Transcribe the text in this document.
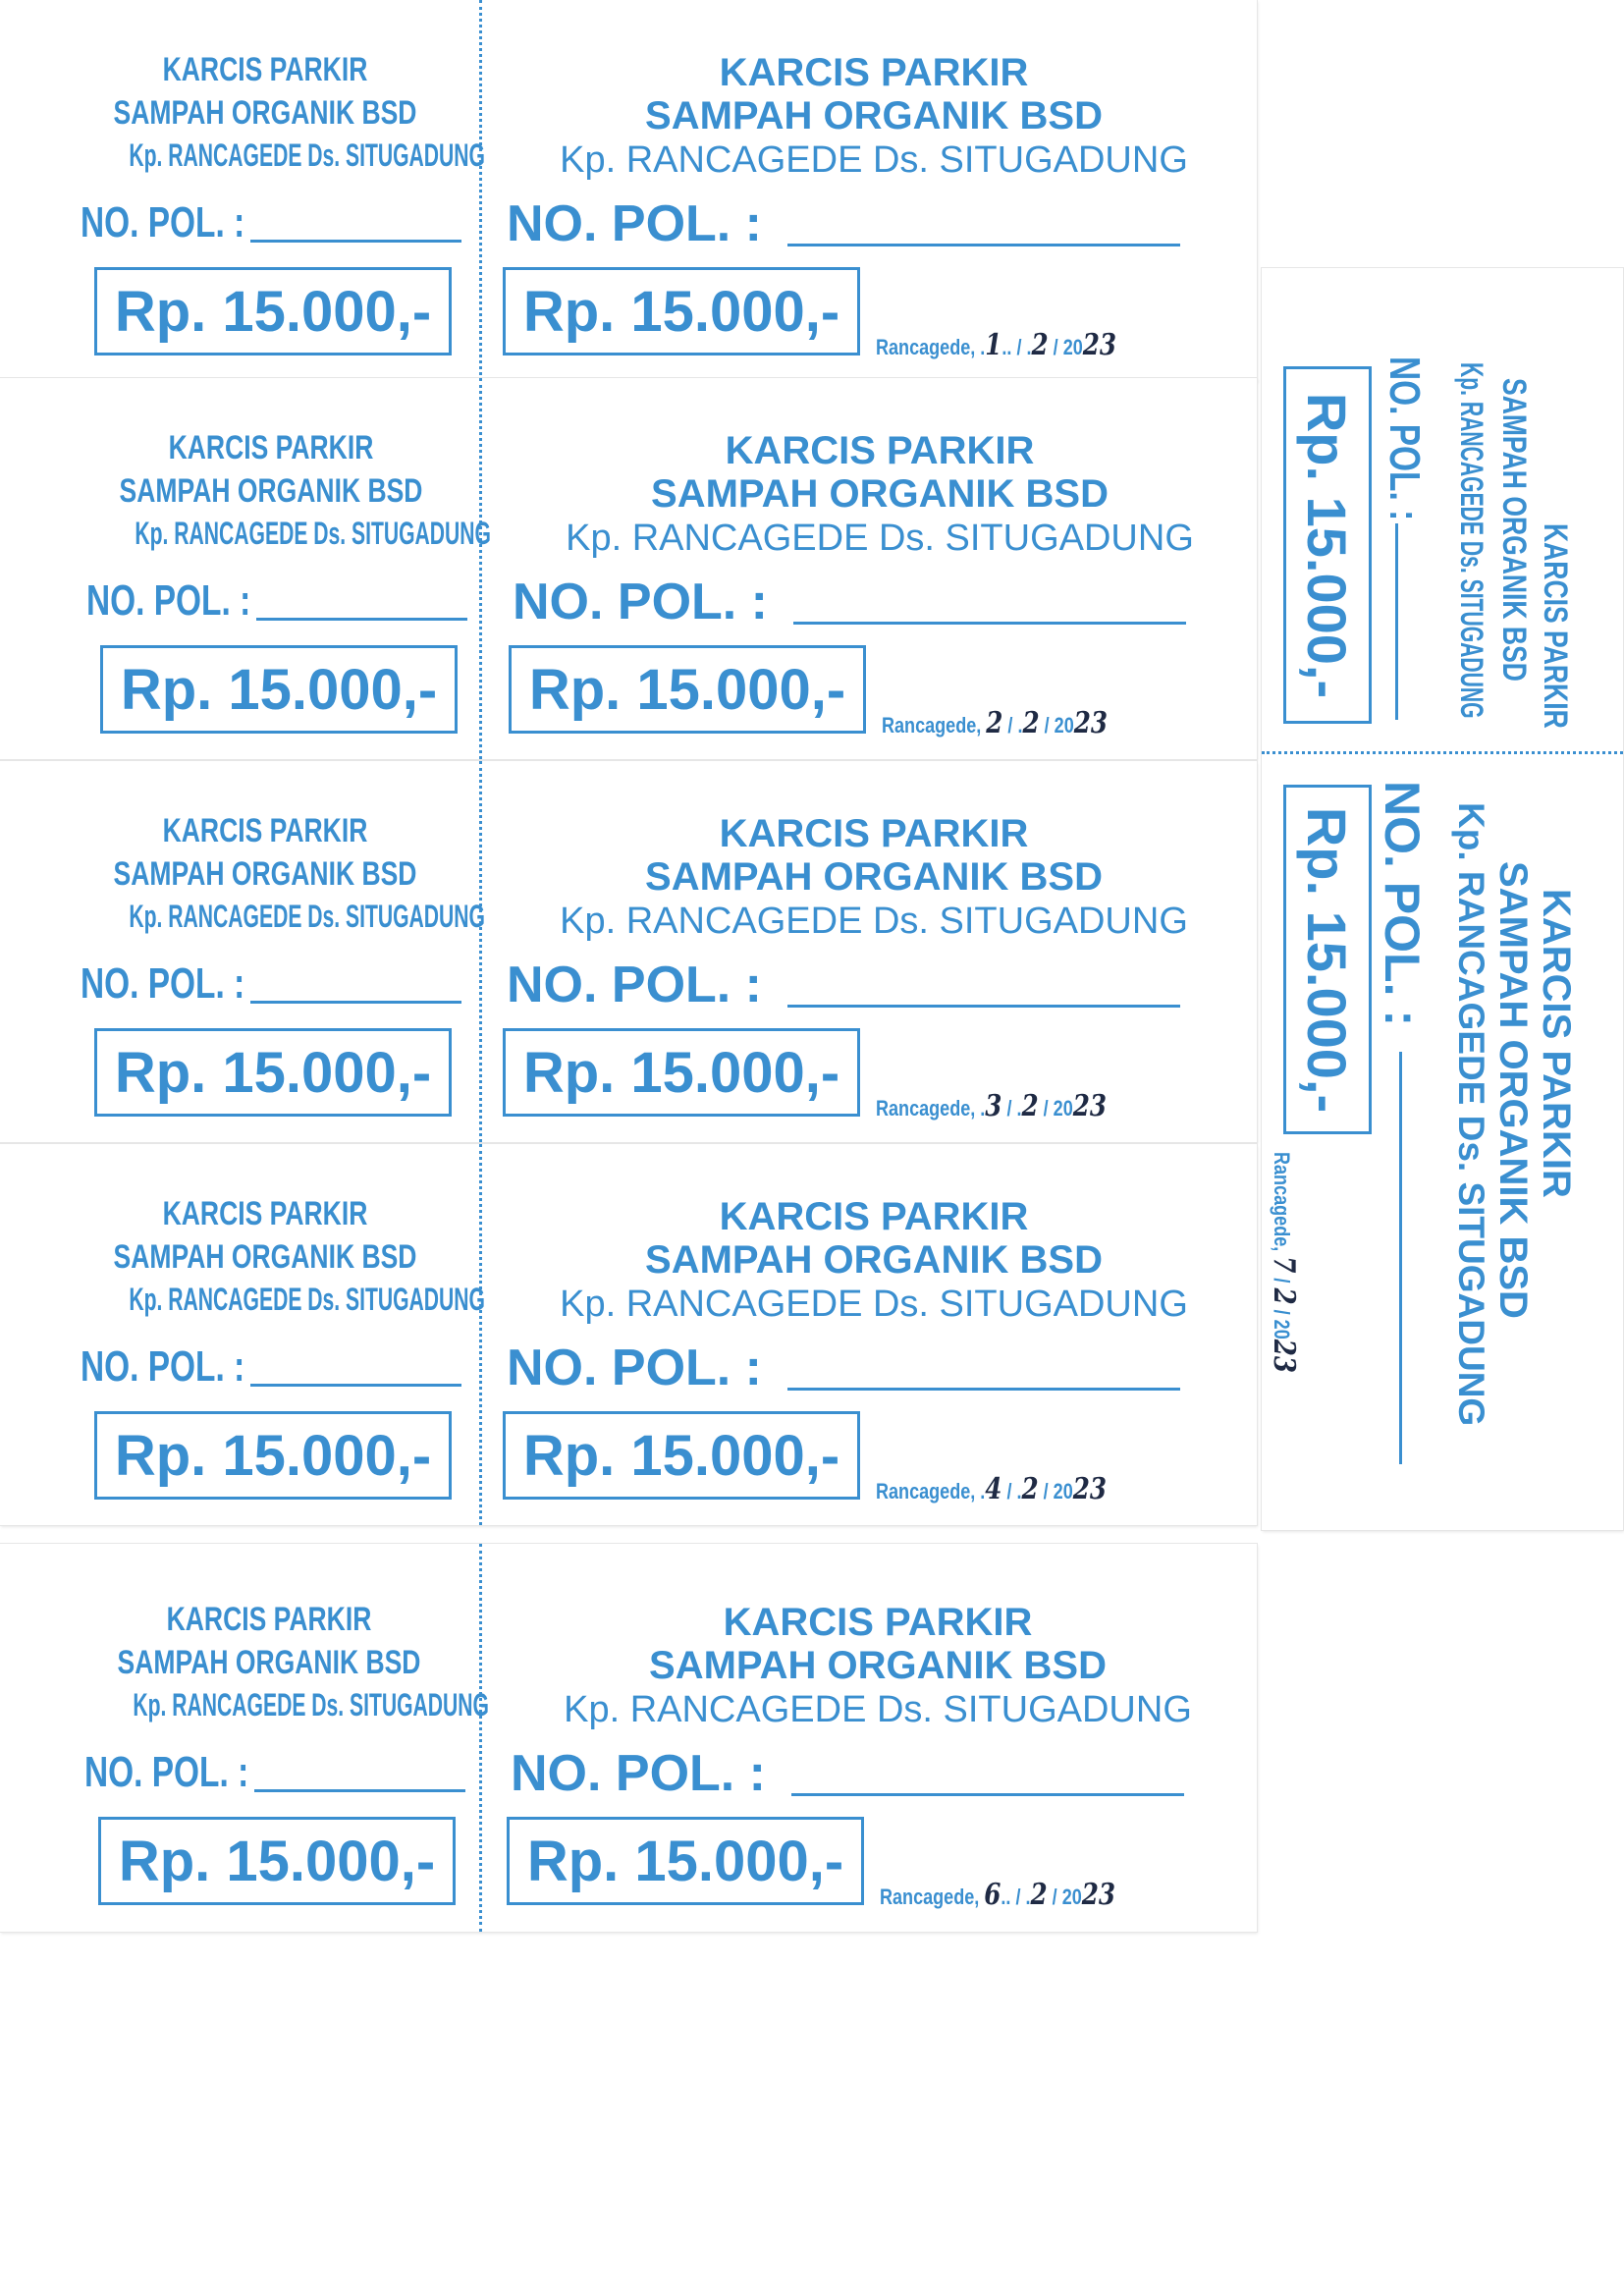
KARCIS PARKIR
SAMPAH ORGANIK BSD
Kp. RANCAGEDE Ds. SITUGADUNG
NO. POL. :
Rp. 15.000,-
KARCIS PARKIR
SAMPAH ORGANIK BSD
Kp. RANCAGEDE Ds. SITUGADUNG
NO. POL. :
Rp. 15.000,-
Rancagede, .1.. / .2 / 2023
KARCIS PARKIR
SAMPAH ORGANIK BSD
Kp. RANCAGEDE Ds. SITUGADUNG
NO. POL. :
Rp. 15.000,-
KARCIS PARKIR
SAMPAH ORGANIK BSD
Kp. RANCAGEDE Ds. SITUGADUNG
NO. POL. :
Rp. 15.000,-
Rancagede, 2 / .2 / 2023
KARCIS PARKIR
SAMPAH ORGANIK BSD
Kp. RANCAGEDE Ds. SITUGADUNG
NO. POL. :
Rp. 15.000,-
KARCIS PARKIR
SAMPAH ORGANIK BSD
Kp. RANCAGEDE Ds. SITUGADUNG
NO. POL. :
Rp. 15.000,-
Rancagede, .3 / .2 / 2023
KARCIS PARKIR
SAMPAH ORGANIK BSD
Kp. RANCAGEDE Ds. SITUGADUNG
NO. POL. :
Rp. 15.000,-
KARCIS PARKIR
SAMPAH ORGANIK BSD
Kp. RANCAGEDE Ds. SITUGADUNG
NO. POL. :
Rp. 15.000,-
Rancagede, .4 / .2 / 2023
KARCIS PARKIR
SAMPAH ORGANIK BSD
Kp. RANCAGEDE Ds. SITUGADUNG
NO. POL. :
Rp. 15.000,-
KARCIS PARKIR
SAMPAH ORGANIK BSD
Kp. RANCAGEDE Ds. SITUGADUNG
NO. POL. :
Rp. 15.000,-
Rancagede, 6.. / .2 / 2023
KARCIS PARKIR
SAMPAH ORGANIK BSD
Kp. RANCAGEDE Ds. SITUGADUNG
NO. POL. :
Rp. 15.000,-
KARCIS PARKIR
SAMPAH ORGANIK BSD
Kp. RANCAGEDE Ds. SITUGADUNG
NO. POL. :
Rp. 15.000,-
Rancagede, 7 / 2 / 2023
